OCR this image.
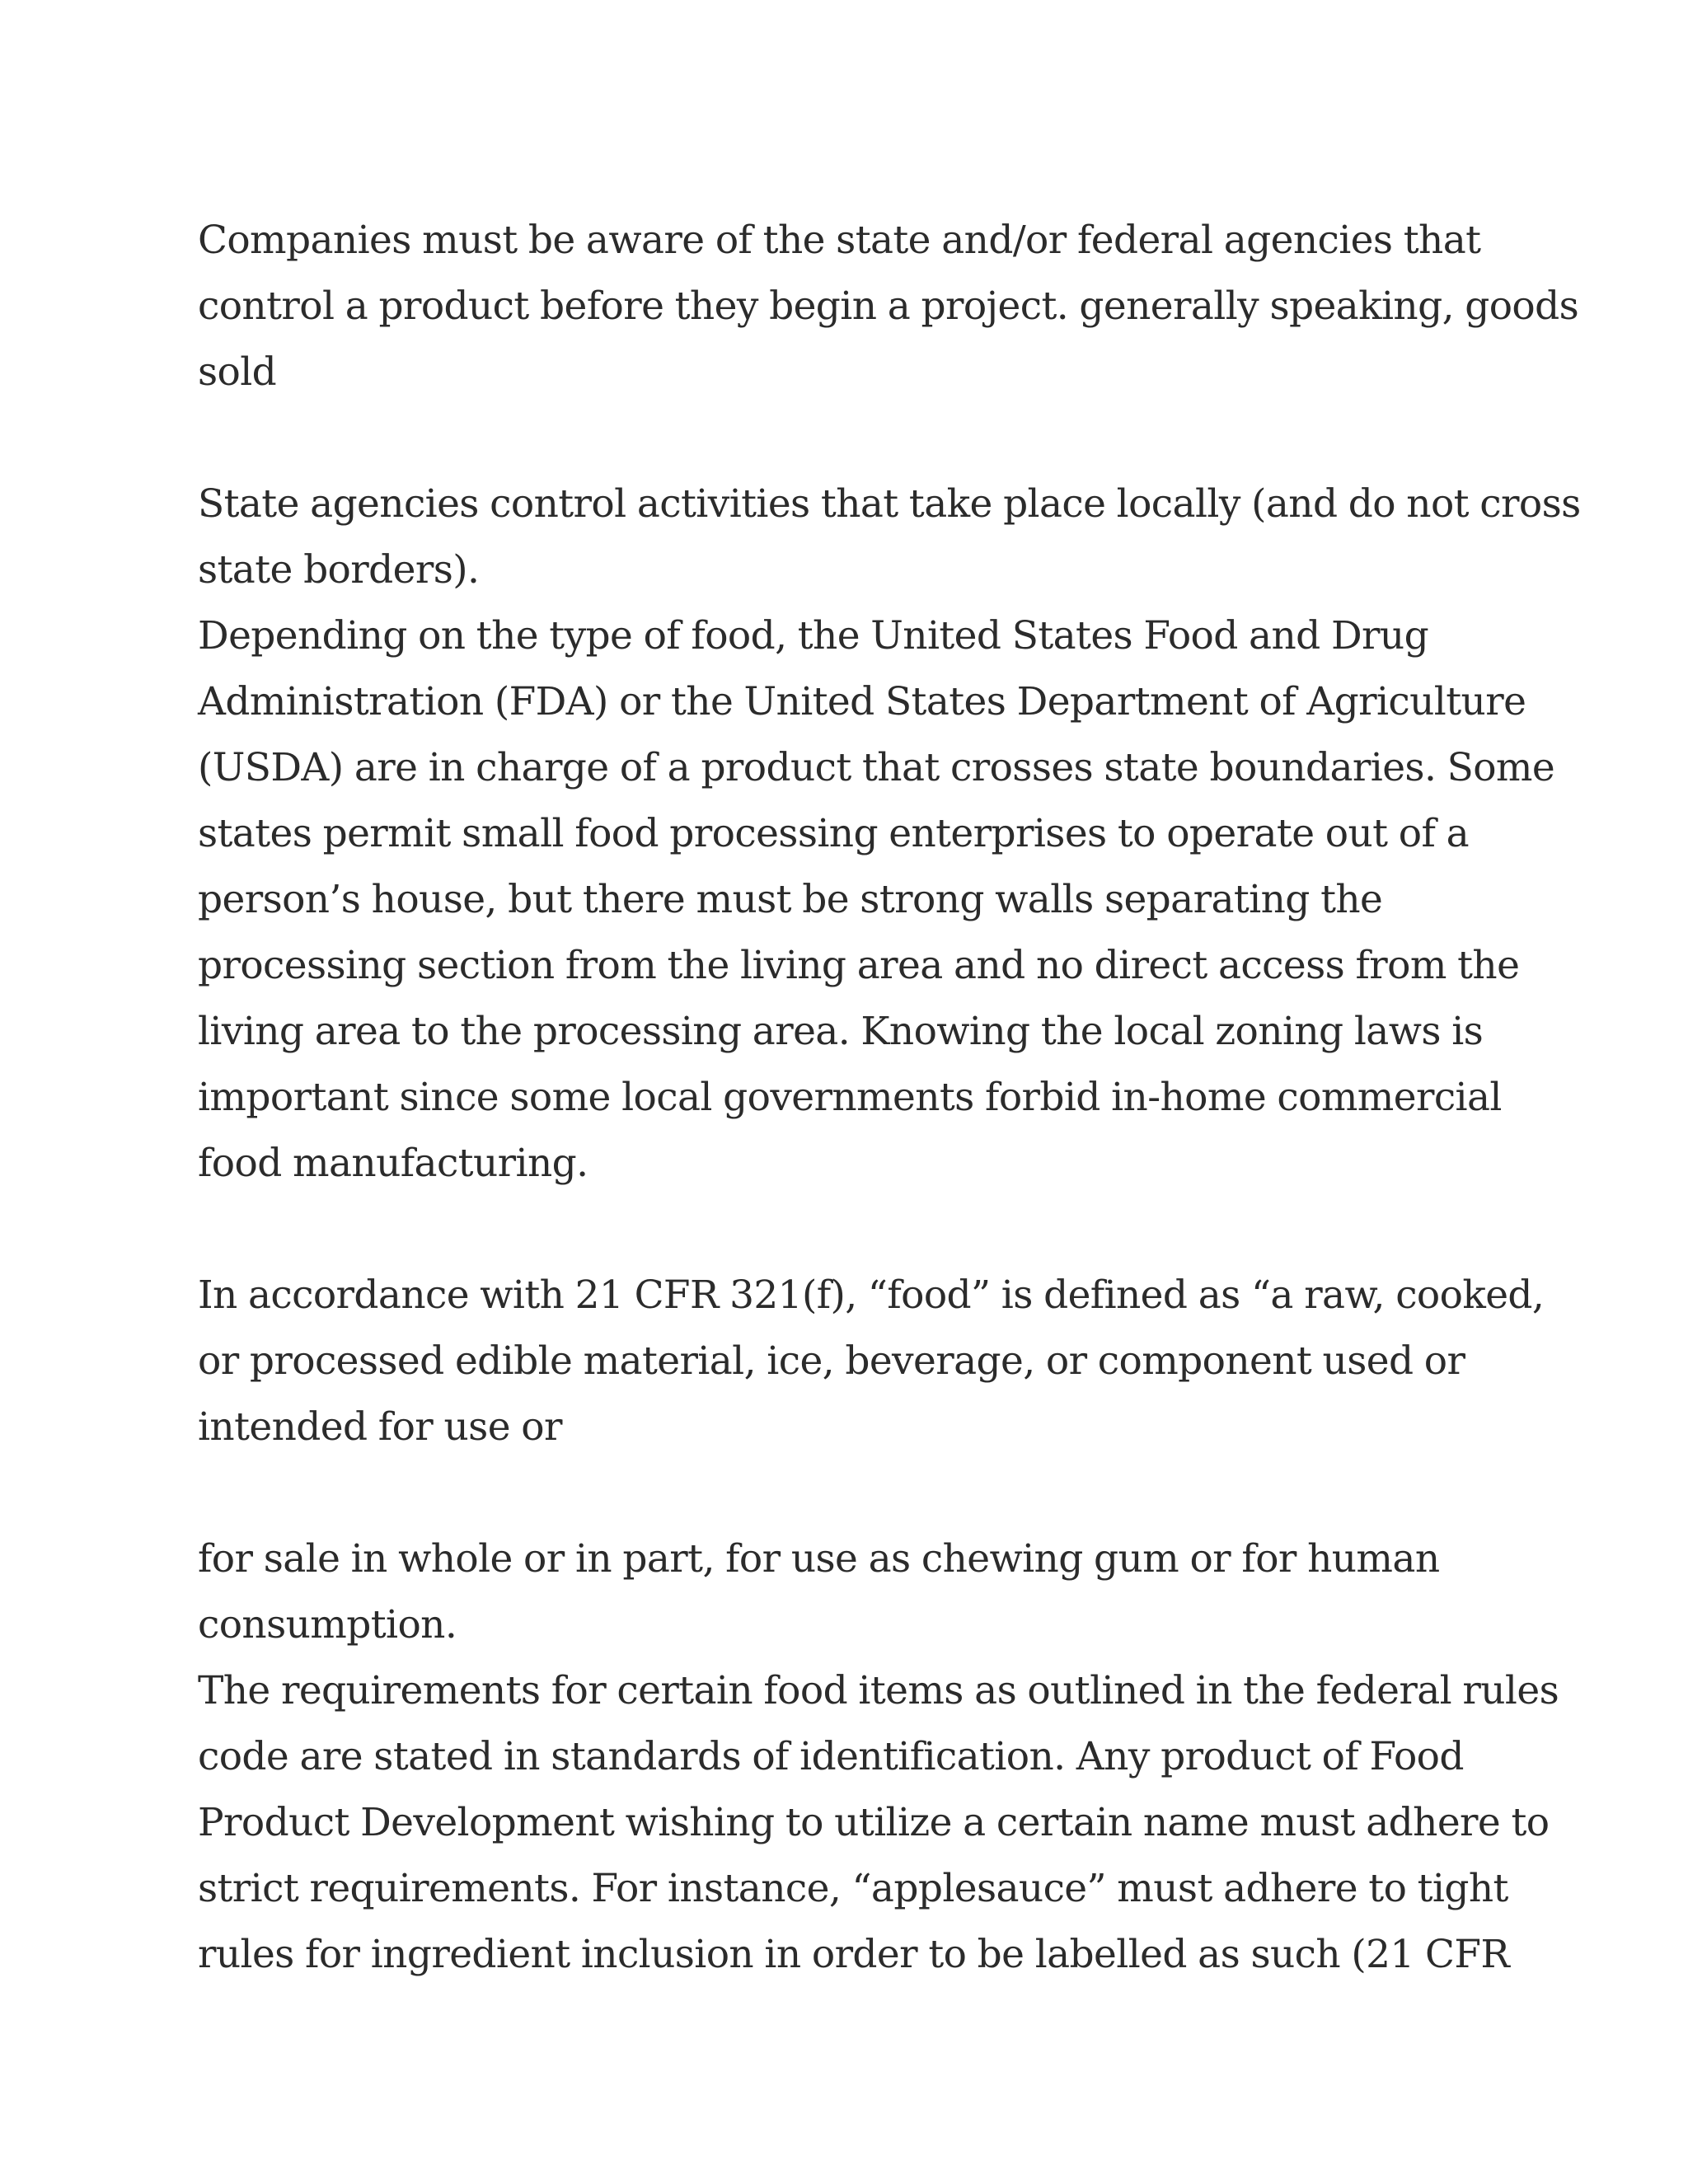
Companies must be aware of the state and/or federal agencies that
control a product before they begin a project. generally speaking, goods
sold
State agencies control activities that take place locally (and do not cross
state borders).
Depending on the type of food, the United States Food and Drug
Administration (FDA) or the United States Department of Agriculture
(USDA) are in charge of a product that crosses state boundaries. Some
states permit small food processing enterprises to operate out of a
person’s house, but there must be strong walls separating the
processing section from the living area and no direct access from the
living area to the processing area. Knowing the local zoning laws is
important since some local governments forbid in-home commercial
food manufacturing.
In accordance with 21 CFR 321(f), “food” is defined as “a raw, cooked,
or processed edible material, ice, beverage, or component used or
intended for use or
for sale in whole or in part, for use as chewing gum or for human
consumption.
The requirements for certain food items as outlined in the federal rules
code are stated in standards of identification. Any product of Food
Product Development wishing to utilize a certain name must adhere to
strict requirements. For instance, “applesauce” must adhere to tight
rules for ingredient inclusion in order to be labelled as such (21 CFR
